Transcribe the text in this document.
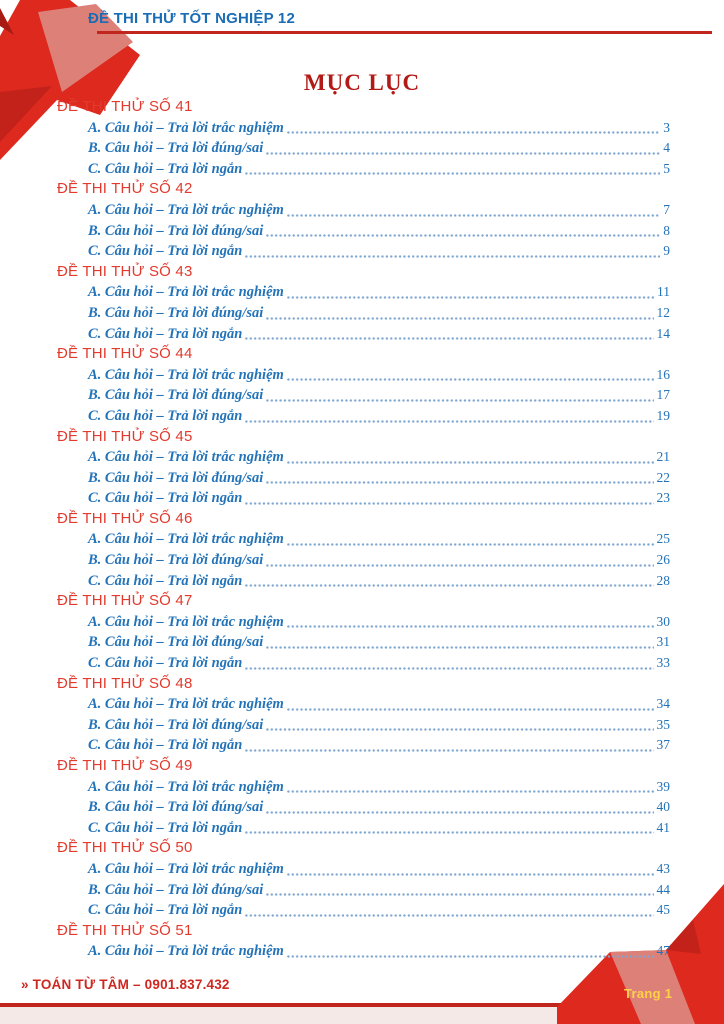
ĐỀ THI THỬ TỐT NGHIỆP 12
MỤC LỤC
ĐỀ THI THỬ SỐ 41
A. Câu hỏi – Trả lời trắc nghiệm	3
B. Câu hỏi – Trả lời đúng/sai	4
C. Câu hỏi – Trả lời ngắn	5
ĐỀ THI THỬ SỐ 42
A. Câu hỏi – Trả lời trắc nghiệm	7
B. Câu hỏi – Trả lời đúng/sai	8
C. Câu hỏi – Trả lời ngắn	9
ĐỀ THI THỬ SỐ 43
A. Câu hỏi – Trả lời trắc nghiệm	11
B. Câu hỏi – Trả lời đúng/sai	12
C. Câu hỏi – Trả lời ngắn	14
ĐỀ THI THỬ SỐ 44
A. Câu hỏi – Trả lời trắc nghiệm	16
B. Câu hỏi – Trả lời đúng/sai	17
C. Câu hỏi – Trả lời ngắn	19
ĐỀ THI THỬ SỐ 45
A. Câu hỏi – Trả lời trắc nghiệm	21
B. Câu hỏi – Trả lời đúng/sai	22
C. Câu hỏi – Trả lời ngắn	23
ĐỀ THI THỬ SỐ 46
A. Câu hỏi – Trả lời trắc nghiệm	25
B. Câu hỏi – Trả lời đúng/sai	26
C. Câu hỏi – Trả lời ngắn	28
ĐỀ THI THỬ SỐ 47
A. Câu hỏi – Trả lời trắc nghiệm	30
B. Câu hỏi – Trả lời đúng/sai	31
C. Câu hỏi – Trả lời ngắn	33
ĐỀ THI THỬ SỐ 48
A. Câu hỏi – Trả lời trắc nghiệm	34
B. Câu hỏi – Trả lời đúng/sai	35
C. Câu hỏi – Trả lời ngắn	37
ĐỀ THI THỬ SỐ 49
A. Câu hỏi – Trả lời trắc nghiệm	39
B. Câu hỏi – Trả lời đúng/sai	40
C. Câu hỏi – Trả lời ngắn	41
ĐỀ THI THỬ SỐ 50
A. Câu hỏi – Trả lời trắc nghiệm	43
B. Câu hỏi – Trả lời đúng/sai	44
C. Câu hỏi – Trả lời ngắn	45
ĐỀ THI THỬ SỐ 51
A. Câu hỏi – Trả lời trắc nghiệm	47
» TOÁN TỪ TÂM – 0901.837.432
Trang 1
